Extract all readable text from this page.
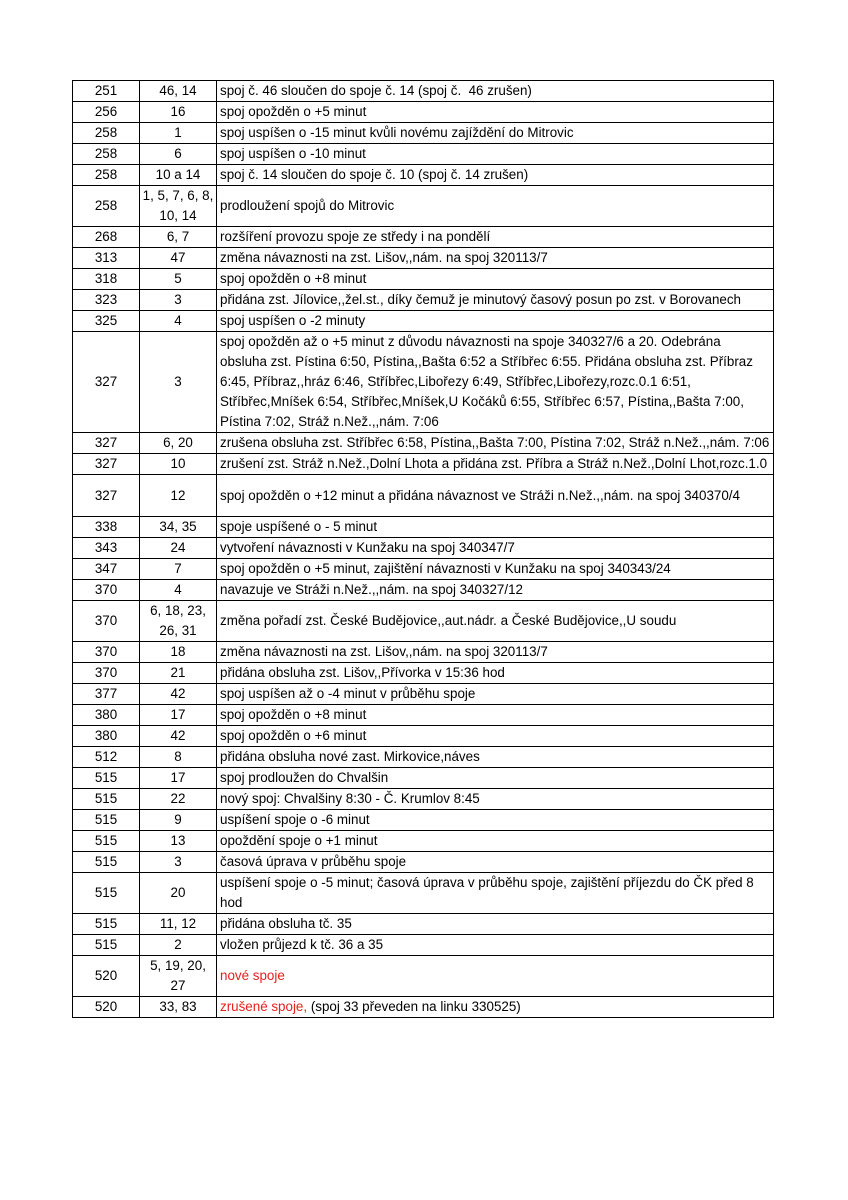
251	46, 14	spoj č. 46 sloučen do spoje č. 14 (spoj č.  46 zrušen)
256	16	spoj opožděn o +5 minut
258	1	spoj uspíšen o -15 minut kvůli novému zajíždění do Mitrovic
258	6	spoj uspíšen o -10 minut
258	10 a 14	spoj č. 14 sloučen do spoje č. 10 (spoj č. 14 zrušen)
258	1, 5, 7, 6, 8, 10, 14	prodloužení spojů do Mitrovic
268	6, 7	rozšíření provozu spoje ze středy i na pondělí
313	47	změna návaznosti na zst. Lišov,,nám. na spoj 320113/7
318	5	spoj opožděn o +8 minut
323	3	přidána zst. Jílovice,,žel.st., díky čemuž je minutový časový posun po zst. v Borovanech
325	4	spoj uspíšen o -2 minuty
327	3	spoj opožděn až o +5 minut z důvodu návaznosti na spoje 340327/6 a 20. Odebrána obsluha zst. Pístina 6:50, Pístina,,Bašta 6:52 a Stříbřec 6:55. Přidána obsluha zst. Příbraz 6:45, Příbraz,,hráz 6:46, Stříbřec,Libořezy 6:49, Stříbřec,Libořezy,rozc.0.1 6:51, Stříbřec,Mníšek 6:54, Stříbřec,Mníšek,U Kočáků 6:55, Stříbřec 6:57, Pístina,,Bašta 7:00, Pístina 7:02, Stráž n.Než.,,nám. 7:06
327	6, 20	zrušena obsluha zst. Stříbřec 6:58, Pístina,,Bašta 7:00, Pístina 7:02, Stráž n.Než.,,nám. 7:06
327	10	zrušení zst. Stráž n.Než.,Dolní Lhota a přidána zst. Příbra a Stráž n.Než.,Dolní Lhot,rozc.1.0
327	12	spoj opožděn o +12 minut a přidána návaznost ve Stráži n.Než.,,nám. na spoj 340370/4
338	34, 35	spoje uspíšené o - 5 minut
343	24	vytvoření návaznosti v Kunžaku na spoj 340347/7
347	7	spoj opožděn o +5 minut, zajištění návaznosti v Kunžaku na spoj 340343/24
370	4	navazuje ve Stráži n.Než.,,nám. na spoj 340327/12
370	6, 18, 23, 26, 31	změna pořadí zst. České Budějovice,,aut.nádr. a České Budějovice,,U soudu
370	18	změna návaznosti na zst. Lišov,,nám. na spoj 320113/7
370	21	přidána obsluha zst. Lišov,,Přívorka v 15:36 hod
377	42	spoj uspíšen až o -4 minut v průběhu spoje
380	17	spoj opožděn o +8 minut
380	42	spoj opožděn o +6 minut
512	8	přidána obsluha nové zast. Mirkovice,náves
515	17	spoj prodloužen do Chvalšin
515	22	nový spoj: Chvalšiny 8:30 - Č. Krumlov 8:45
515	9	uspíšení spoje o -6 minut
515	13	opoždění spoje o +1 minut
515	3	časová úprava v průběhu spoje
515	20	uspíšení spoje o -5 minut; časová úprava v průběhu spoje, zajištění příjezdu do ČK před 8 hod
515	11, 12	přidána obsluha tč. 35
515	2	vložen průjezd k tč. 36 a 35
520	5, 19, 20, 27	nové spoje
520	33, 83	zrušené spoje, (spoj 33 převeden na linku 330525)
